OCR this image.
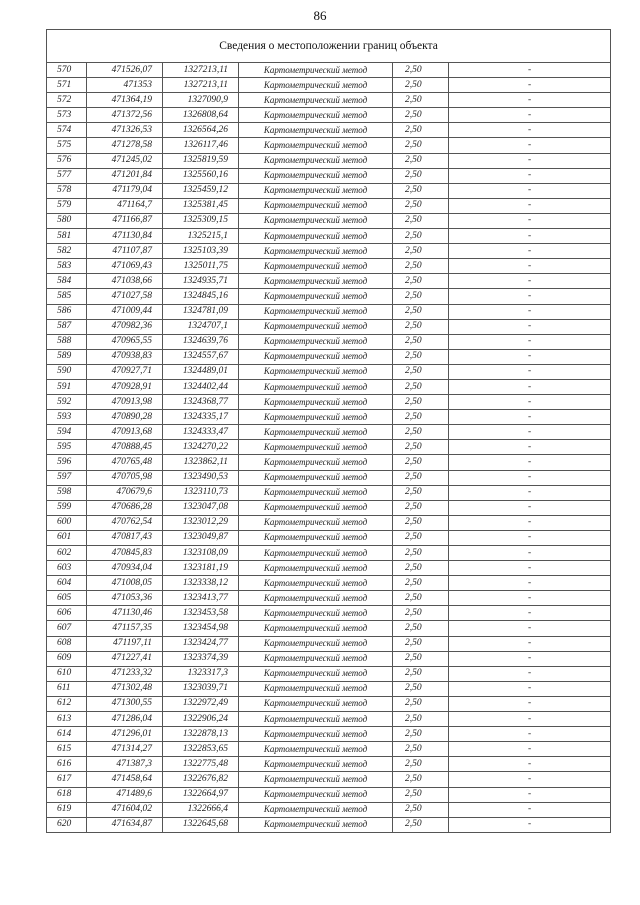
86
Сведения о местоположении границ объекта					
570	471526,07	1327213,11	Картометрический метод	2,50	-
571	471353	1327213,11	Картометрический метод	2,50	-
572	471364,19	1327090,9	Картометрический метод	2,50	-
573	471372,56	1326808,64	Картометрический метод	2,50	-
574	471326,53	1326564,26	Картометрический метод	2,50	-
575	471278,58	1326117,46	Картометрический метод	2,50	-
576	471245,02	1325819,59	Картометрический метод	2,50	-
577	471201,84	1325560,16	Картометрический метод	2,50	-
578	471179,04	1325459,12	Картометрический метод	2,50	-
579	471164,7	1325381,45	Картометрический метод	2,50	-
580	471166,87	1325309,15	Картометрический метод	2,50	-
581	471130,84	1325215,1	Картометрический метод	2,50	-
582	471107,87	1325103,39	Картометрический метод	2,50	-
583	471069,43	1325011,75	Картометрический метод	2,50	-
584	471038,66	1324935,71	Картометрический метод	2,50	-
585	471027,58	1324845,16	Картометрический метод	2,50	-
586	471009,44	1324781,09	Картометрический метод	2,50	-
587	470982,36	1324707,1	Картометрический метод	2,50	-
588	470965,55	1324639,76	Картометрический метод	2,50	-
589	470938,83	1324557,67	Картометрический метод	2,50	-
590	470927,71	1324489,01	Картометрический метод	2,50	-
591	470928,91	1324402,44	Картометрический метод	2,50	-
592	470913,98	1324368,77	Картометрический метод	2,50	-
593	470890,28	1324335,17	Картометрический метод	2,50	-
594	470913,68	1324333,47	Картометрический метод	2,50	-
595	470888,45	1324270,22	Картометрический метод	2,50	-
596	470765,48	1323862,11	Картометрический метод	2,50	-
597	470705,98	1323490,53	Картометрический метод	2,50	-
598	470679,6	1323110,73	Картометрический метод	2,50	-
599	470686,28	1323047,08	Картометрический метод	2,50	-
600	470762,54	1323012,29	Картометрический метод	2,50	-
601	470817,43	1323049,87	Картометрический метод	2,50	-
602	470845,83	1323108,09	Картометрический метод	2,50	-
603	470934,04	1323181,19	Картометрический метод	2,50	-
604	471008,05	1323338,12	Картометрический метод	2,50	-
605	471053,36	1323413,77	Картометрический метод	2,50	-
606	471130,46	1323453,58	Картометрический метод	2,50	-
607	471157,35	1323454,98	Картометрический метод	2,50	-
608	471197,11	1323424,77	Картометрический метод	2,50	-
609	471227,41	1323374,39	Картометрический метод	2,50	-
610	471233,32	1323317,3	Картометрический метод	2,50	-
611	471302,48	1323039,71	Картометрический метод	2,50	-
612	471300,55	1322972,49	Картометрический метод	2,50	-
613	471286,04	1322906,24	Картометрический метод	2,50	-
614	471296,01	1322878,13	Картометрический метод	2,50	-
615	471314,27	1322853,65	Картометрический метод	2,50	-
616	471387,3	1322775,48	Картометрический метод	2,50	-
617	471458,64	1322676,82	Картометрический метод	2,50	-
618	471489,6	1322664,97	Картометрический метод	2,50	-
619	471604,02	1322666,4	Картометрический метод	2,50	-
620	471634,87	1322645,68	Картометрический метод	2,50	-
